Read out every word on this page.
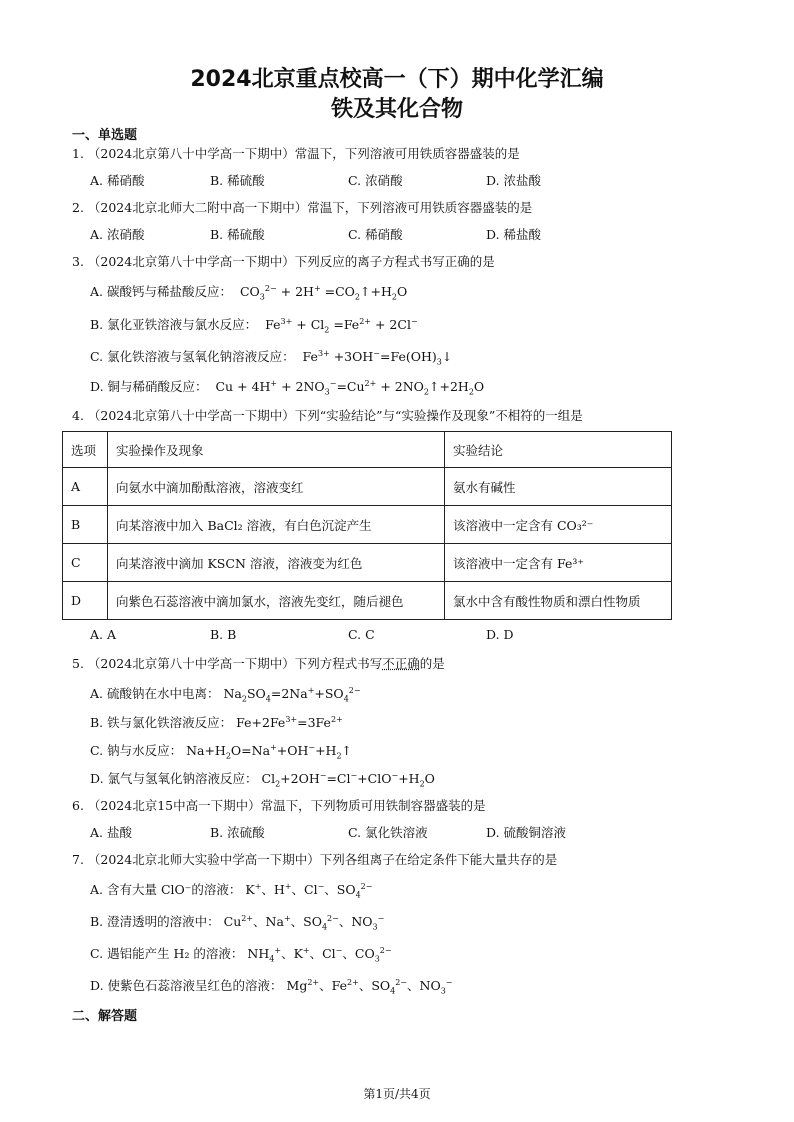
2024北京重点校高一（下）期中化学汇编
铁及其化合物
一、单选题
1. （2024北京第八十中学高一下期中）常温下，下列溶液可用铁质容器盛装的是
A. 稀硝酸	B. 稀硫酸	C. 浓硝酸	D. 浓盐酸
2. （2024北京北师大二附中高一下期中）常温下，下列溶液可用铁质容器盛装的是
A. 浓硝酸	B. 稀硫酸	C. 稀硝酸	D. 稀盐酸
3. （2024北京第八十中学高一下期中）下列反应的离子方程式书写正确的是
A. 碳酸钙与稀盐酸反应：  $CO_3^{2-} + 2H^+$ $=CO_2↑+H_2O$
B. 氯化亚铁溶液与氯水反应：  $Fe^{3+} + Cl_2 =Fe^{2+} + 2Cl^-$
C. 氯化铁溶液与氢氧化钠溶液反应：  $Fe^{3+}$ $+3OH^-=Fe(OH)_3↓$
D. 铜与稀硝酸反应：  $Cu + 4H^+ + 2NO_3^-=Cu^{2+}$ + $2NO_2↑+2H_2O$
4. （2024北京第八十中学高一下期中）下列“实验结论”与“实验操作及现象”不相符的一组是
选项	实验操作及现象	实验结论
A	向氨水中滴加酚酞溶液，溶液变红	氨水有碱性
B	向某溶液中加入 BaCl₂ 溶液，有白色沉淀产生	该溶液中一定含有 CO₃²⁻
C	向某溶液中滴加 KSCN 溶液，溶液变为红色	该溶液中一定含有 Fe³⁺
D	向紫色石蕊溶液中滴加氯水，溶液先变红，随后褪色	氯水中含有酸性物质和漂白性物质
A. A	B. B	C. C	D. D
5. （2024北京第八十中学高一下期中）下列方程式书写不正确的是
A. 硫酸钠在水中电离： $Na_2SO_4=2Na^++SO_4^{2-}$
B. 铁与氯化铁溶液反应： $Fe+2Fe^{3+}=3Fe^{2+}$
C. 钠与水反应： $Na+H_2O=Na^++OH^-+H_2↑$
D. 氯气与氢氧化钠溶液反应： $Cl_2+2OH^-=Cl^-+ClO^-+H_2O$
6. （2024北京15中高一下期中）常温下，下列物质可用铁制容器盛装的是
A. 盐酸	B. 浓硫酸	C. 氯化铁溶液	D. 硫酸铜溶液
7. （2024北京北师大实验中学高一下期中）下列各组离子在给定条件下能大量共存的是
A. 含有大量 ClO⁻的溶液： K+、H+、Cl−、$SO_4^{2-}$
B. 澄清透明的溶液中： $Cu^{2+}$、Na+、$SO_4^{2-}$、$NO_3^-$
C. 遇铝能产生 H₂ 的溶液： $NH_4^+$、K+、Cl−、$CO_3^{2-}$
D. 使紫色石蕊溶液呈红色的溶液： $Mg^{2+}$、$Fe^{2+}$、$SO_4^{2-}$、$NO_3^-$
二、解答题
第1页/共4页
